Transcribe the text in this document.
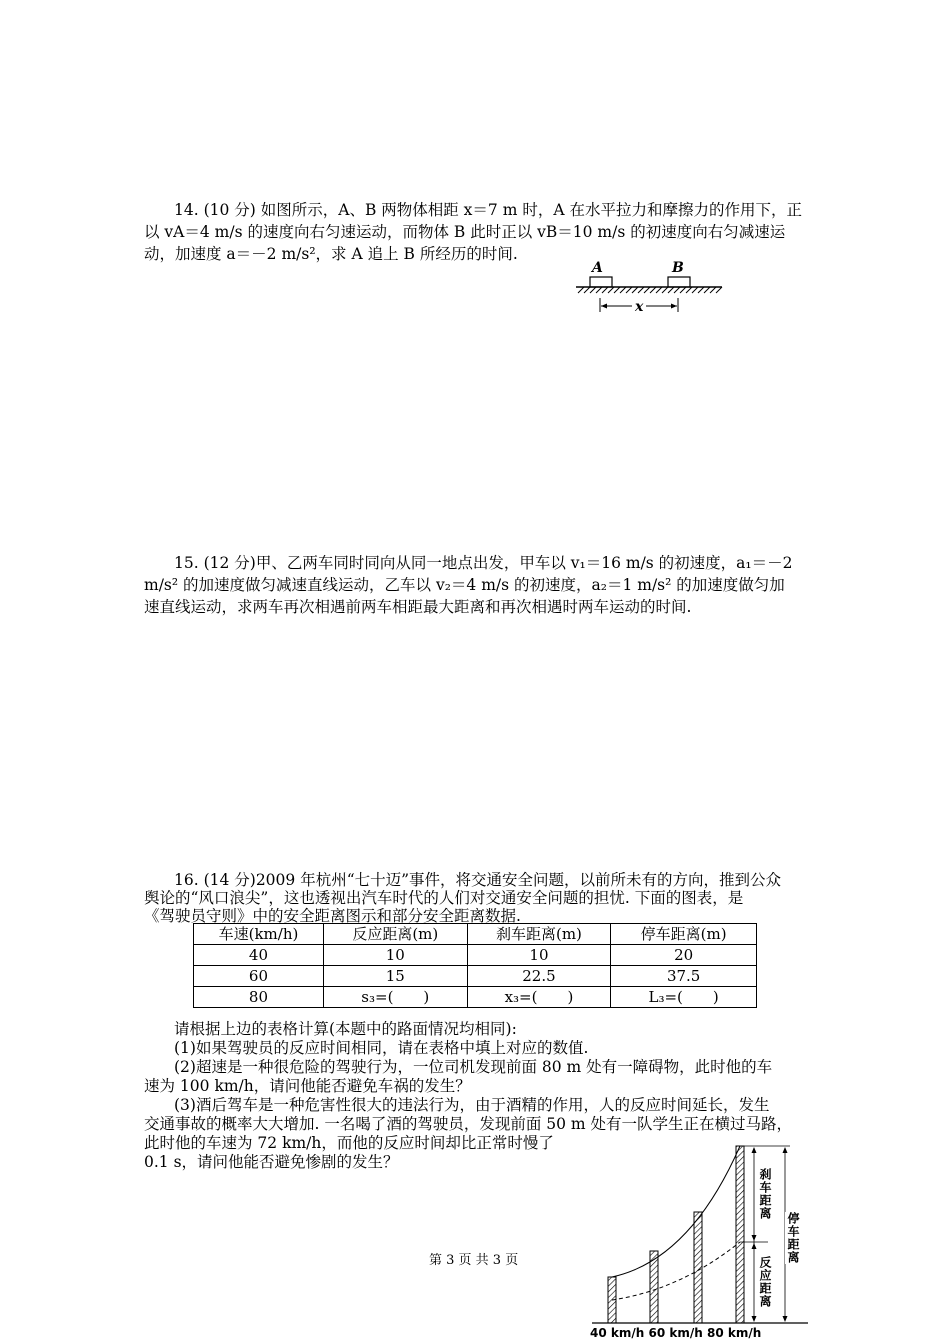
14. (10 分) 如图所示，A、B 两物体相距 x＝7 m 时，A 在水平拉力和摩擦力的作用下，正
以 vA＝4 m/s 的速度向右匀速运动，而物体 B 此时正以 vB＝10 m/s 的初速度向右匀减速运
动，加速度 a＝－2 m/s²，求 A 追上 B 所经历的时间.
A	B
x
15. (12 分)甲、乙两车同时同向从同一地点出发，甲车以 v₁＝16 m/s 的初速度，a₁＝－2
m/s² 的加速度做匀减速直线运动，乙车以 v₂＝4 m/s 的初速度，a₂＝1 m/s² 的加速度做匀加
速直线运动，求两车再次相遇前两车相距最大距离和再次相遇时两车运动的时间.
16. (14 分)2009 年杭州“七十迈”事件，将交通安全问题，以前所未有的方向，推到公众
舆论的“风口浪尖”，这也透视出汽车时代的人们对交通安全问题的担忧. 下面的图表，是
《驾驶员守则》中的安全距离图示和部分安全距离数据.
车速(km/h)	反应距离(m)	刹车距离(m)	停车距离(m)
40	10	10	20
60	15	22.5	37.5
80	s₃=(　　)	x₃=(　　)	L₃=(　　)
请根据上边的表格计算(本题中的路面情况均相同):
(1)如果驾驶员的反应时间相同，请在表格中填上对应的数值.
(2)超速是一种很危险的驾驶行为，一位司机发现前面 80 m 处有一障碍物，此时他的车
速为 100 km/h，请问他能否避免车祸的发生？
(3)酒后驾车是一种危害性很大的违法行为，由于酒精的作用，人的反应时间延长，发生
交通事故的概率大大增加. 一名喝了酒的驾驶员，发现前面 50 m 处有一队学生正在横过马路，
此时他的车速为 72 km/h，而他的反应时间却比正常时慢了
0.1 s，请问他能否避免惨剧的发生？
刹车距离
停车距离
反应距离
40 km/h 60 km/h 80 km/h
第 3 页 共 3 页
